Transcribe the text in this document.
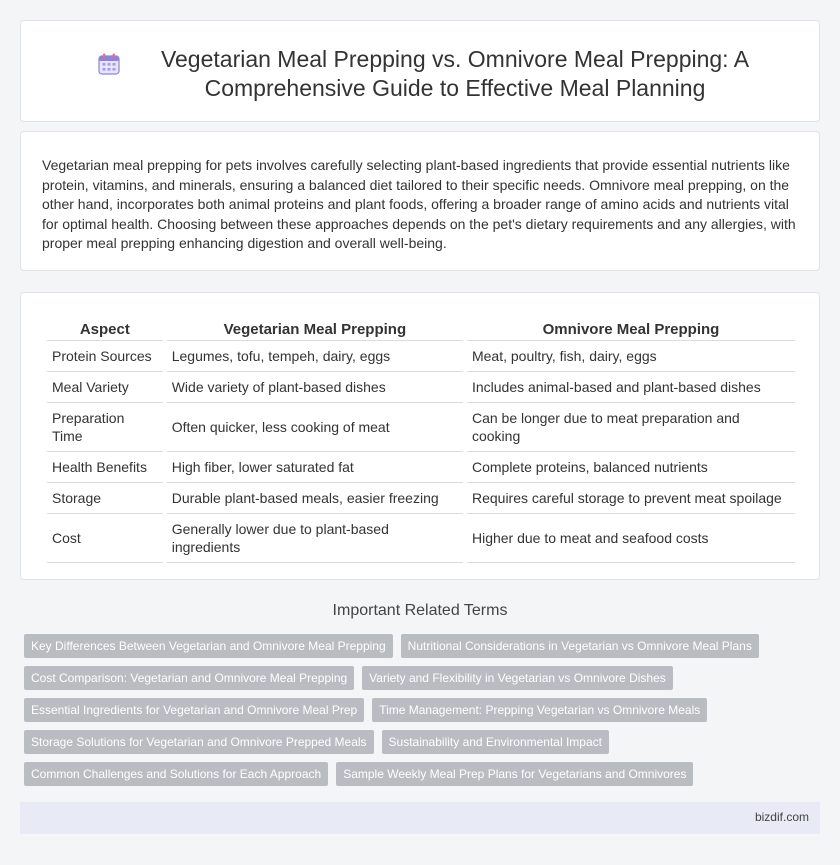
Vegetarian Meal Prepping vs. Omnivore Meal Prepping: A Comprehensive Guide to Effective Meal Planning

Vegetarian meal prepping for pets involves carefully selecting plant-based ingredients that provide essential nutrients like protein, vitamins, and minerals, ensuring a balanced diet tailored to their specific needs. Omnivore meal prepping, on the other hand, incorporates both animal proteins and plant foods, offering a broader range of amino acids and nutrients vital for optimal health. Choosing between these approaches depends on the pet's dietary requirements and any allergies, with proper meal prepping enhancing digestion and overall well-being.

Aspect	Vegetarian Meal Prepping	Omnivore Meal Prepping
Protein Sources	Legumes, tofu, tempeh, dairy, eggs	Meat, poultry, fish, dairy, eggs
Meal Variety	Wide variety of plant-based dishes	Includes animal-based and plant-based dishes
Preparation Time	Often quicker, less cooking of meat	Can be longer due to meat preparation and cooking
Health Benefits	High fiber, lower saturated fat	Complete proteins, balanced nutrients
Storage	Durable plant-based meals, easier freezing	Requires careful storage to prevent meat spoilage
Cost	Generally lower due to plant-based ingredients	Higher due to meat and seafood costs
Important Related Terms
Key Differences Between Vegetarian and Omnivore Meal Prepping	Nutritional Considerations in Vegetarian vs Omnivore Meal Plans
Cost Comparison: Vegetarian and Omnivore Meal Prepping	Variety and Flexibility in Vegetarian vs Omnivore Dishes
Essential Ingredients for Vegetarian and Omnivore Meal Prep	Time Management: Prepping Vegetarian vs Omnivore Meals
Storage Solutions for Vegetarian and Omnivore Prepped Meals	Sustainability and Environmental Impact
Common Challenges and Solutions for Each Approach	Sample Weekly Meal Prep Plans for Vegetarians and Omnivores
bizdif.com
